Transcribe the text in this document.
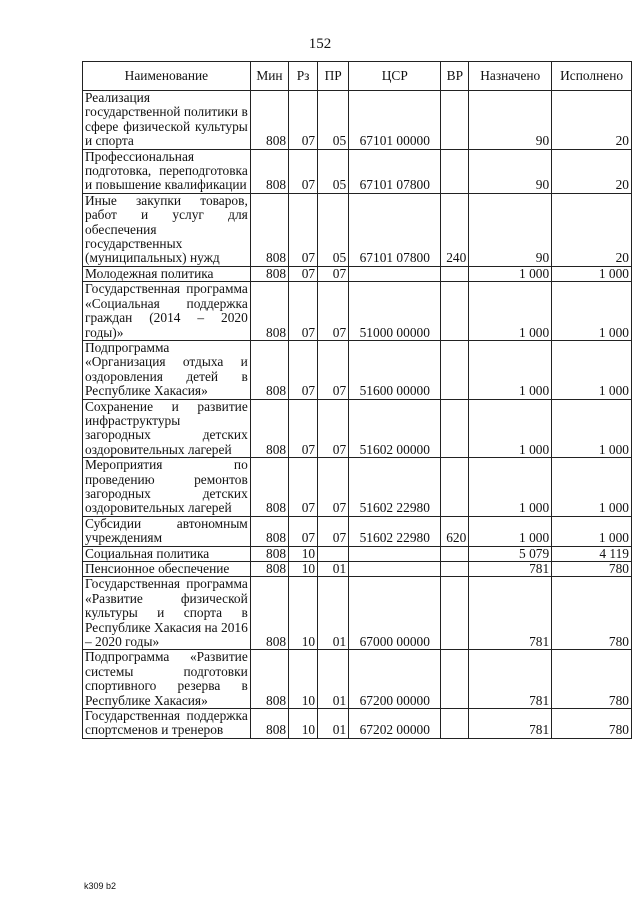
152
Наименование	Мин	Рз	ПР	ЦСР	ВР	Назначено	Исполнено
Реализация государственной политики в сфере физической культуры и спорта	808	07	05	67101 00000		90	20
Профессиональная подготовка, переподготовка и повышение квалификации	808	07	05	67101 07800		90	20
Иные закупки товаров, работ и услуг для обеспечения государственных (муниципальных) нужд	808	07	05	67101 07800	240	90	20
Молодежная политика	808	07	07			1 000	1 000
Государственная программа «Социальная поддержка граждан (2014 – 2020 годы)»	808	07	07	51000 00000		1 000	1 000
Подпрограмма «Организация отдыха и оздоровления детей в Республике Хакасия»	808	07	07	51600 00000		1 000	1 000
Сохранение и развитие инфраструктуры загородных детских оздоровительных лагерей	808	07	07	51602 00000		1 000	1 000
Мероприятия по проведению ремонтов загородных детских оздоровительных лагерей	808	07	07	51602 22980		1 000	1 000
Субсидии автономным учреждениям	808	07	07	51602 22980	620	1 000	1 000
Социальная политика	808	10				5 079	4 119
Пенсионное обеспечение	808	10	01			781	780
Государственная программа «Развитие физической культуры и спорта в Республике Хакасия на 2016 – 2020 годы»	808	10	01	67000 00000		781	780
Подпрограмма «Развитие системы подготовки спортивного резерва в Республике Хакасия»	808	10	01	67200 00000		781	780
Государственная поддержка спортсменов и тренеров	808	10	01	67202 00000		781	780
k309 b2
